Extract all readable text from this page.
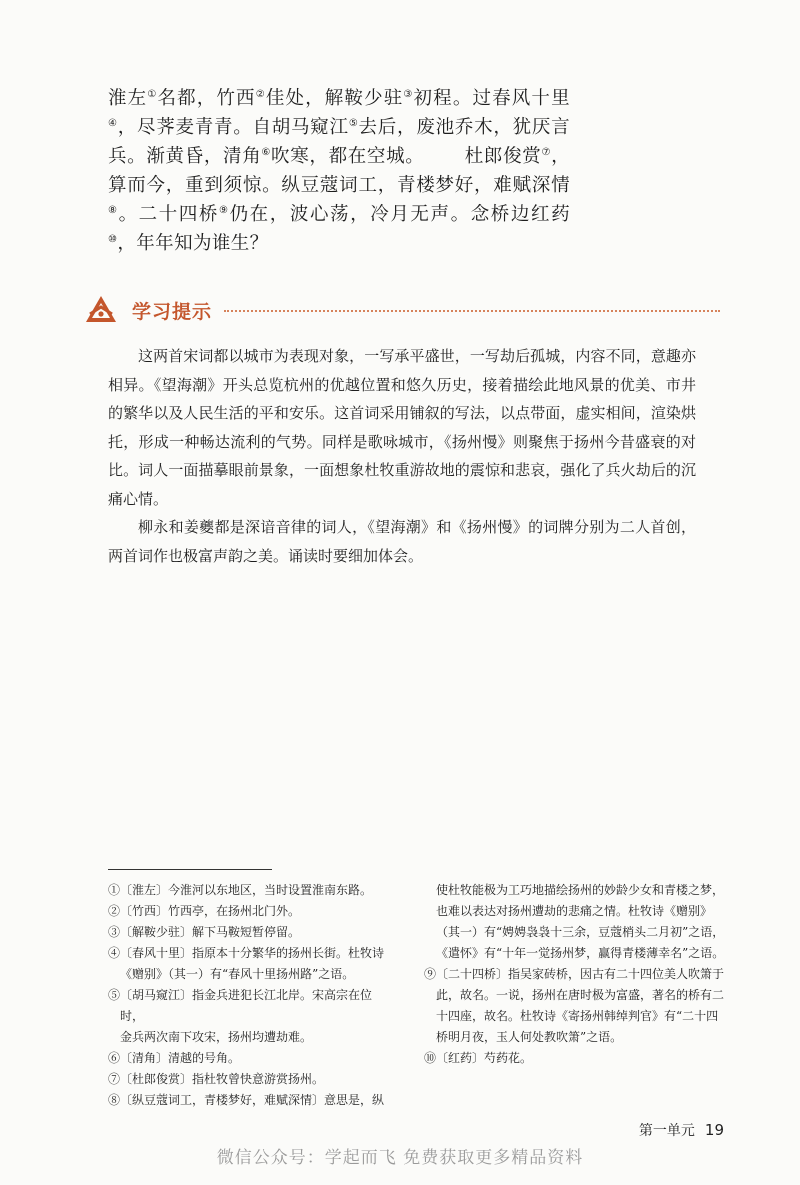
淮左①名都，竹西②佳处，解鞍少驻③初程。过春风十里④，尽荠麦青青。自胡马窥江⑤去后，废池乔木，犹厌言兵。渐黄昏，清角⑥吹寒，都在空城。 杜郎俊赏⑦，算而今，重到须惊。纵豆蔻词工，青楼梦好，难赋深情⑧。二十四桥⑨仍在，波心荡，冷月无声。念桥边红药⑩，年年知为谁生？
学习提示

这两首宋词都以城市为表现对象，一写承平盛世，一写劫后孤城，内容不同，意趣亦相异。《望海潮》开头总览杭州的优越位置和悠久历史，接着描绘此地风景的优美、市井的繁华以及人民生活的平和安乐。这首词采用铺叙的写法，以点带面，虚实相间，渲染烘托，形成一种畅达流利的气势。同样是歌咏城市，《扬州慢》则聚焦于扬州今昔盛衰的对比。词人一面描摹眼前景象，一面想象杜牧重游故地的震惊和悲哀，强化了兵火劫后的沉痛心情。

柳永和姜夔都是深谙音律的词人，《望海潮》和《扬州慢》的词牌分别为二人首创，两首词作也极富声韵之美。诵读时要细加体会。

①〔淮左〕今淮河以东地区，当时设置淮南东路。

②〔竹西〕竹西亭，在扬州北门外。

③〔解鞍少驻〕解下马鞍短暂停留。

④〔春风十里〕指原本十分繁华的扬州长街。杜牧诗

《赠别》（其一）有“春风十里扬州路”之语。

⑤〔胡马窥江〕指金兵进犯长江北岸。宋高宗在位时，

金兵两次南下攻宋，扬州均遭劫难。

⑥〔清角〕清越的号角。

⑦〔杜郎俊赏〕指杜牧曾快意游赏扬州。

⑧〔纵豆蔻词工，青楼梦好，难赋深情〕意思是，纵

使杜牧能极为工巧地描绘扬州的妙龄少女和青楼之梦，也难以表达对扬州遭劫的悲痛之情。杜牧诗《赠别》（其一）有“娉娉袅袅十三余，豆蔻梢头二月初”之语，《遣怀》有“十年一觉扬州梦，赢得青楼薄幸名”之语。

⑨〔二十四桥〕指吴家砖桥，因古有二十四位美人吹箫于此，故名。一说，扬州在唐时极为富盛，著名的桥有二十四座，故名。杜牧诗《寄扬州韩绰判官》有“二十四桥明月夜，玉人何处教吹箫”之语。

⑩〔红药〕芍药花。

第一单元 19
微信公众号：学起而飞 免费获取更多精品资料
